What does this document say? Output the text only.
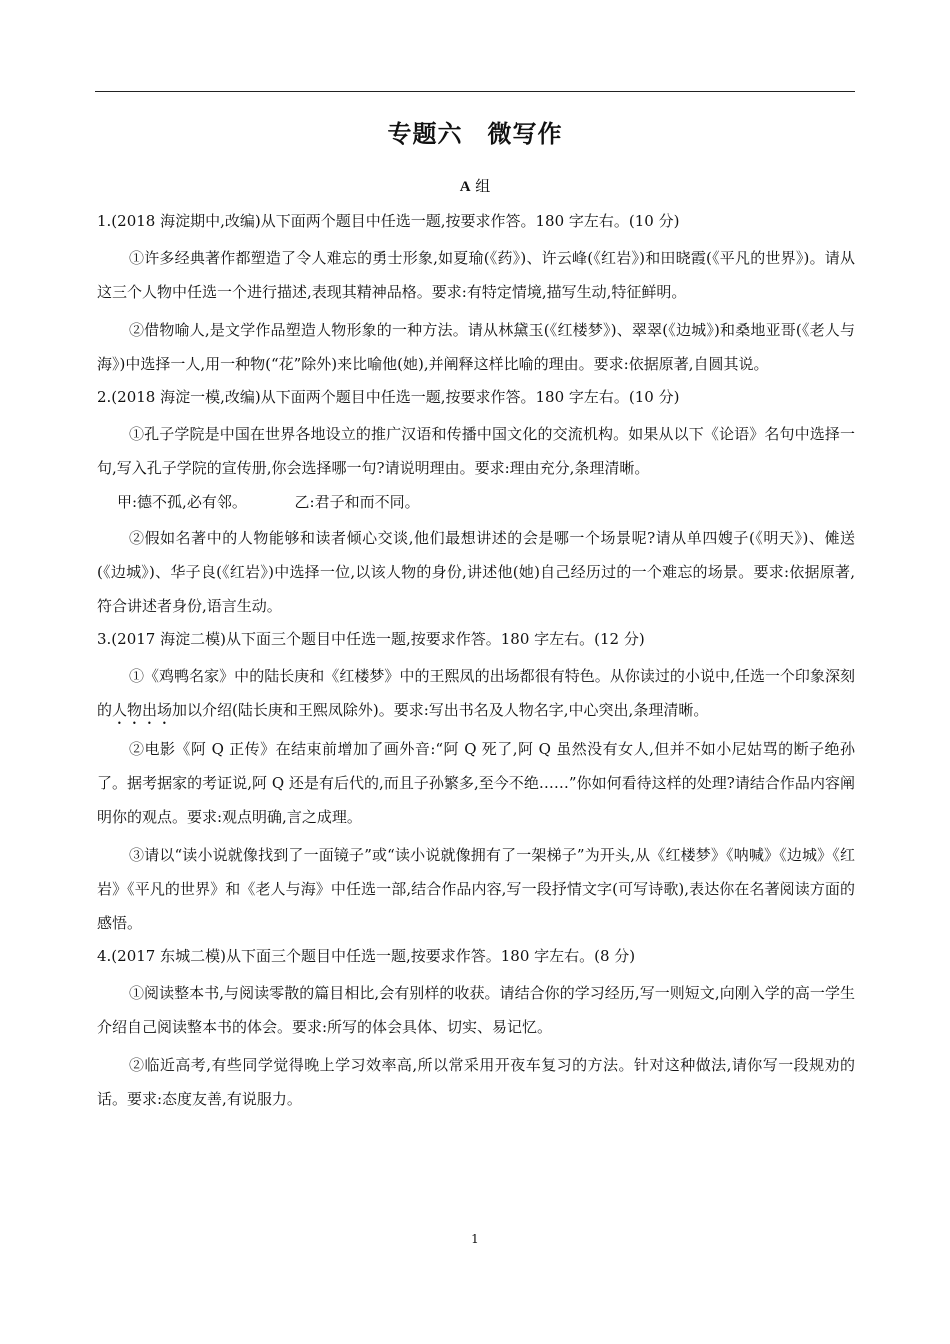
专题六　微写作
A 组

1.(2018 海淀期中,改编)从下面两个题目中任选一题,按要求作答。180 字左右。(10 分)

①许多经典著作都塑造了令人难忘的勇士形象,如夏瑜(《药》)、许云峰(《红岩》)和田晓霞(《平凡的世界》)。请从这三个人物中任选一个进行描述,表现其精神品格。要求:有特定情境,描写生动,特征鲜明。

②借物喻人,是文学作品塑造人物形象的一种方法。请从林黛玉(《红楼梦》)、翠翠(《边城》)和桑地亚哥(《老人与海》)中选择一人,用一种物(“花”除外)来比喻他(她),并阐释这样比喻的理由。要求:依据原著,自圆其说。

2.(2018 海淀一模,改编)从下面两个题目中任选一题,按要求作答。180 字左右。(10 分)

①孔子学院是中国在世界各地设立的推广汉语和传播中国文化的交流机构。如果从以下《论语》名句中选择一句,写入孔子学院的宣传册,你会选择哪一句?请说明理由。要求:理由充分,条理清晰。

甲:德不孤,必有邻。	乙:君子和而不同。

②假如名著中的人物能够和读者倾心交谈,他们最想讲述的会是哪一个场景呢?请从单四嫂子(《明天》)、傩送(《边城》)、华子良(《红岩》)中选择一位,以该人物的身份,讲述他(她)自己经历过的一个难忘的场景。要求:依据原著,符合讲述者身份,语言生动。

3.(2017 海淀二模)从下面三个题目中任选一题,按要求作答。180 字左右。(12 分)

①《鸡鸭名家》中的陆长庚和《红楼梦》中的王熙凤的出场都很有特色。从你读过的小说中,任选一个印象深刻的人物出场加以介绍(陆长庚和王熙凤除外)。要求:写出书名及人物名字,中心突出,条理清晰。

②电影《阿 Q 正传》在结束前增加了画外音:“阿 Q 死了,阿 Q 虽然没有女人,但并不如小尼姑骂的断子绝孙了。据考据家的考证说,阿 Q 还是有后代的,而且子孙繁多,至今不绝……”你如何看待这样的处理?请结合作品内容阐明你的观点。要求:观点明确,言之成理。

③请以“读小说就像找到了一面镜子”或“读小说就像拥有了一架梯子”为开头,从《红楼梦》《呐喊》《边城》《红岩》《平凡的世界》和《老人与海》中任选一部,结合作品内容,写一段抒情文字(可写诗歌),表达你在名著阅读方面的感悟。

4.(2017 东城二模)从下面三个题目中任选一题,按要求作答。180 字左右。(8 分)

①阅读整本书,与阅读零散的篇目相比,会有别样的收获。请结合你的学习经历,写一则短文,向刚入学的高一学生介绍自己阅读整本书的体会。要求:所写的体会具体、切实、易记忆。

②临近高考,有些同学觉得晚上学习效率高,所以常采用开夜车复习的方法。针对这种做法,请你写一段规劝的话。要求:态度友善,有说服力。

1
